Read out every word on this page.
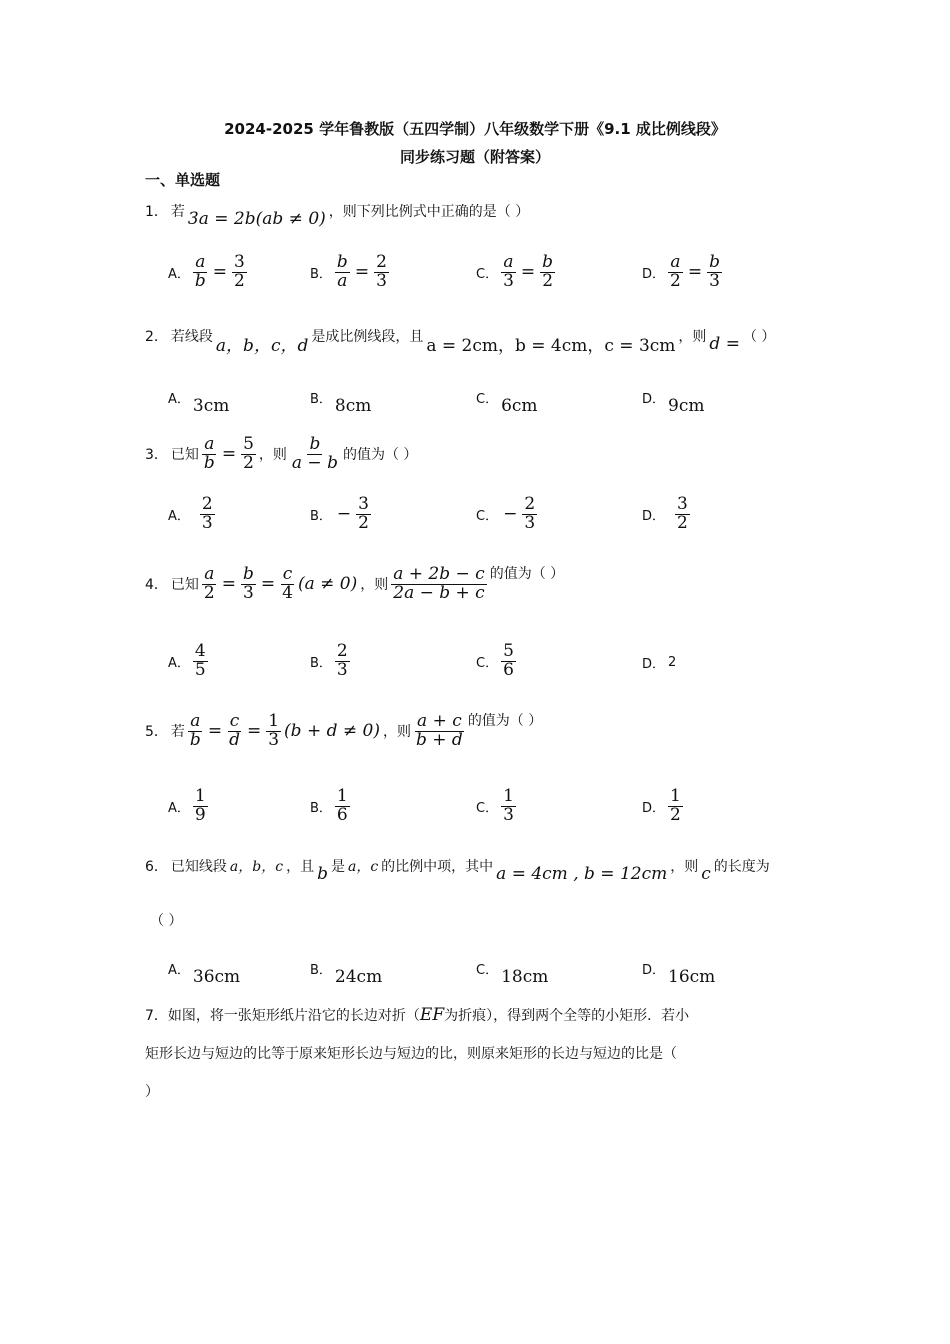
2024-2025 学年鲁教版（五四学制）八年级数学下册《9.1 成比例线段》
同步练习题（附答案）
一、单选题
1． 若 3a = 2b(ab ≠ 0) ，则下列比例式中正确的是（ ）
A． $\frac{a}{b} = \frac{3}{2}$	B． $\frac{b}{a} = \frac{2}{3}$	C． $\frac{a}{3} = \frac{b}{2}$	D． $\frac{a}{2} = \frac{b}{3}$
2． 若线段 a，b，c，d 是成比例线段，且 a = 2cm，b = 4cm，c = 3cm ，则 d = （ ）
A． 3cm	B． 8cm	C． 6cm	D． 9cm
3． 已知 $\frac{a}{b} = \frac{5}{2}$ ，则 $\frac{b}{a - b}$ 的值为（ ）
A． $\frac{2}{3}$	B． − $\frac{3}{2}$	C． − $\frac{2}{3}$	D． $\frac{3}{2}$
4． 已知 $\frac{a}{2} = \frac{b}{3} = \frac{c}{4} (a \ne 0)$ ，则 $\frac{a + 2b - c}{2a - b + c}$ 的值为（ ）
A． $\frac{4}{5}$	B． $\frac{2}{3}$	C． $\frac{5}{6}$	D． 2
5． 若 $\frac{a}{b} = \frac{c}{d} = \frac{1}{3} (b + d \ne 0)$ ，则 $\frac{a + c}{b + d}$ 的值为（ ）
A． $\frac{1}{9}$	B． $\frac{1}{6}$	C． $\frac{1}{3}$	D． $\frac{1}{2}$
6． 已知线段 a，b，c ，且 b 是 a，c 的比例中项，其中 a = 4cm , b = 12cm ，则 c 的长度为
（ ）
A． 36cm	B． 24cm	C． 18cm	D． 16cm
7．如图，将一张矩形纸片沿它的长边对折（EF为折痕），得到两个全等的小矩形．若小
矩形长边与短边的比等于原来矩形长边与短边的比，则原来矩形的长边与短边的比是（
）
